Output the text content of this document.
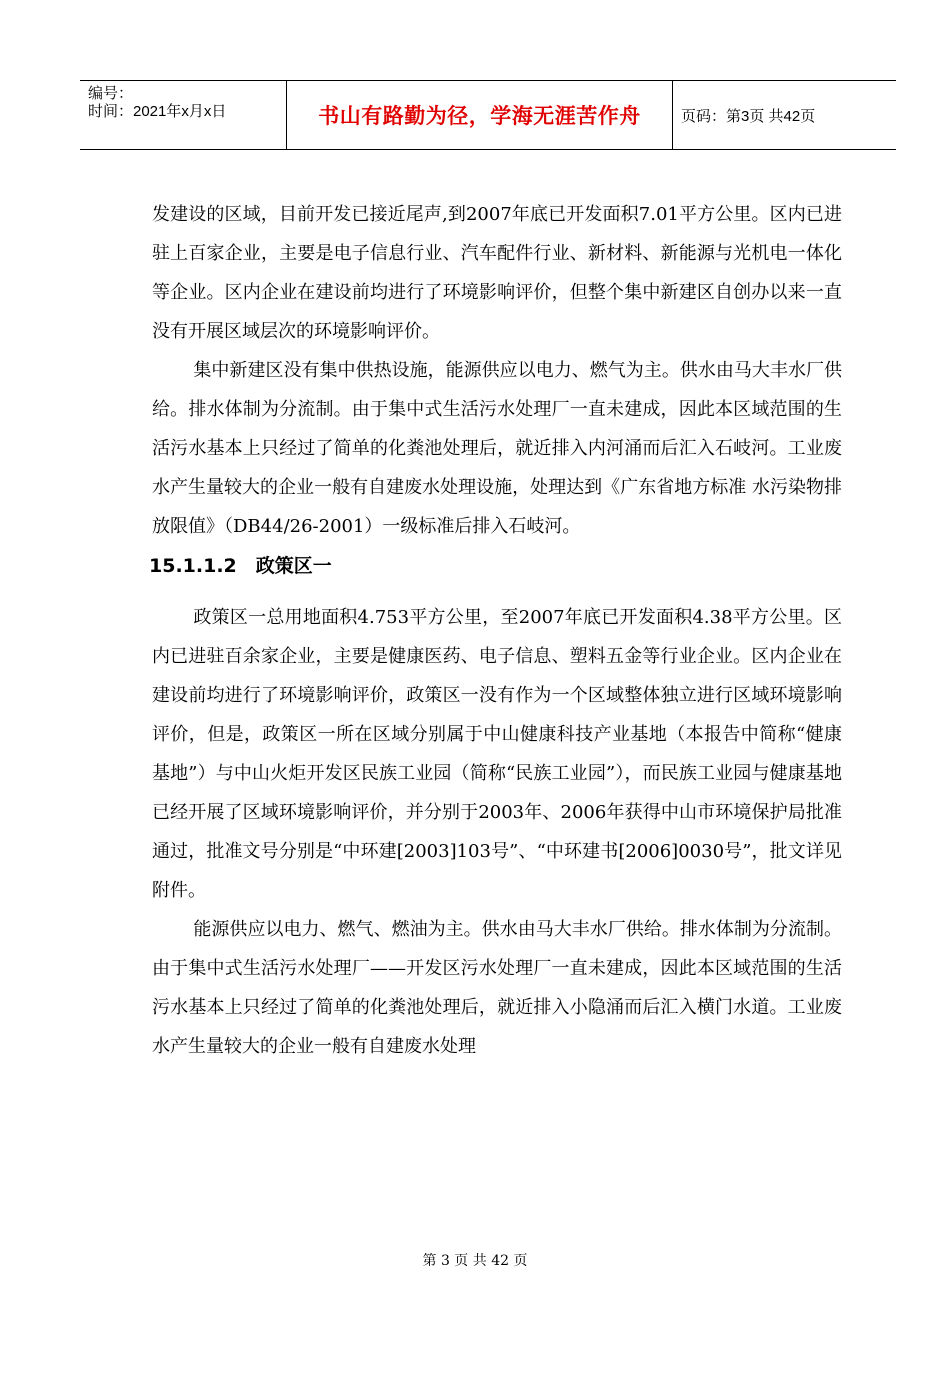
编号：
时间：2021年x月x日	书山有路勤为径，学海无涯苦作舟	页码：第3页 共42页

发建设的区域，目前开发已接近尾声,到2007年底已开发面积7.01平方公里。区内已进驻上百家企业，主要是电子信息行业、汽车配件行业、新材料、新能源与光机电一体化等企业。区内企业在建设前均进行了环境影响评价，但整个集中新建区自创办以来一直没有开展区域层次的环境影响评价。

集中新建区没有集中供热设施，能源供应以电力、燃气为主。供水由马大丰水厂供给。排水体制为分流制。由于集中式生活污水处理厂一直未建成，因此本区域范围的生活污水基本上只经过了简单的化粪池处理后，就近排入内河涌而后汇入石岐河。工业废水产生量较大的企业一般有自建废水处理设施，处理达到《广东省地方标准 水污染物排放限值》（DB44/26-2001）一级标准后排入石岐河。

15.1.1.2　政策区一

政策区一总用地面积4.753平方公里，至2007年底已开发面积4.38平方公里。区内已进驻百余家企业，主要是健康医药、电子信息、塑料五金等行业企业。区内企业在建设前均进行了环境影响评价，政策区一没有作为一个区域整体独立进行区域环境影响评价，但是，政策区一所在区域分别属于中山健康科技产业基地（本报告中简称“健康基地”）与中山火炬开发区民族工业园（简称“民族工业园”），而民族工业园与健康基地已经开展了区域环境影响评价，并分别于2003年、2006年获得中山市环境保护局批准通过，批准文号分别是“中环建[2003]103号”、“中环建书[2006]0030号”，批文详见附件。

能源供应以电力、燃气、燃油为主。供水由马大丰水厂供给。排水体制为分流制。由于集中式生活污水处理厂——开发区污水处理厂一直未建成，因此本区域范围的生活污水基本上只经过了简单的化粪池处理后，就近排入小隐涌而后汇入横门水道。工业废水产生量较大的企业一般有自建废水处理

第 3 页 共 42 页
